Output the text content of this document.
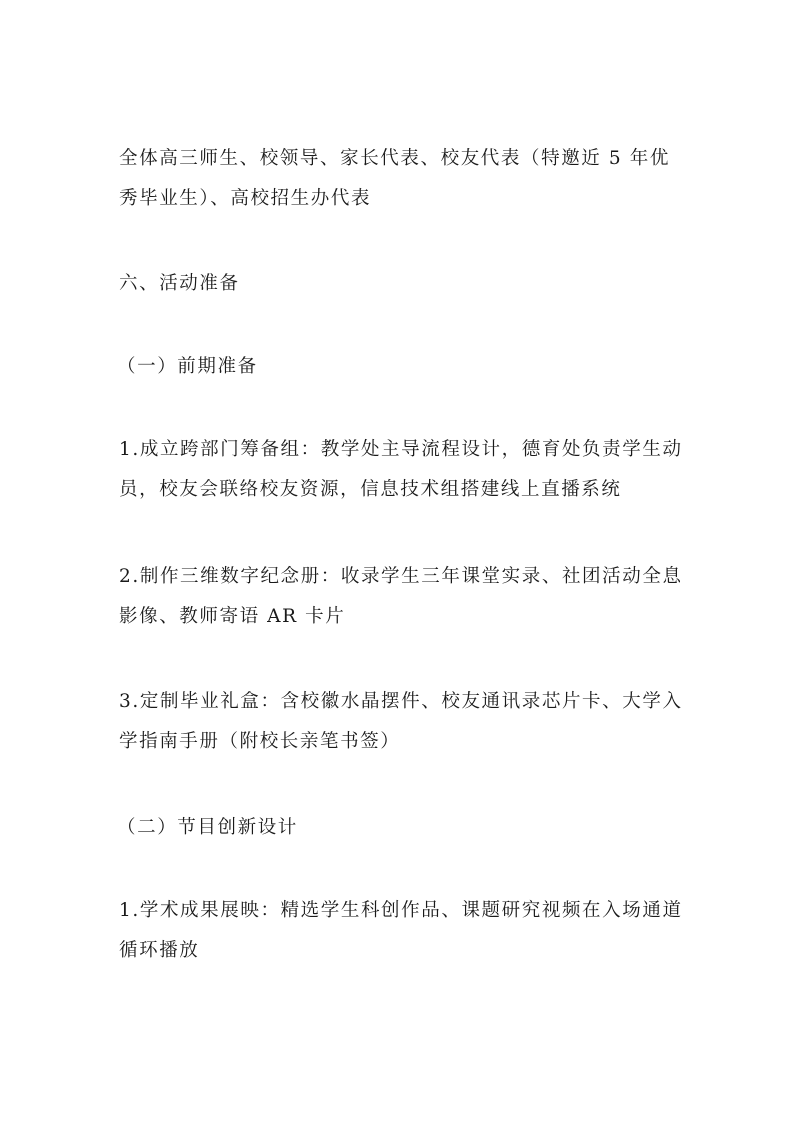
全体高三师生、校领导、家长代表、校友代表（特邀近 5 年优秀毕业生）、高校招生办代表

六、活动准备

（一）前期准备

1.成立跨部门筹备组：教学处主导流程设计，德育处负责学生动员，校友会联络校友资源，信息技术组搭建线上直播系统

2.制作三维数字纪念册：收录学生三年课堂实录、社团活动全息影像、教师寄语 AR 卡片

3.定制毕业礼盒：含校徽水晶摆件、校友通讯录芯片卡、大学入学指南手册（附校长亲笔书签）

（二）节目创新设计

1.学术成果展映：精选学生科创作品、课题研究视频在入场通道循环播放
